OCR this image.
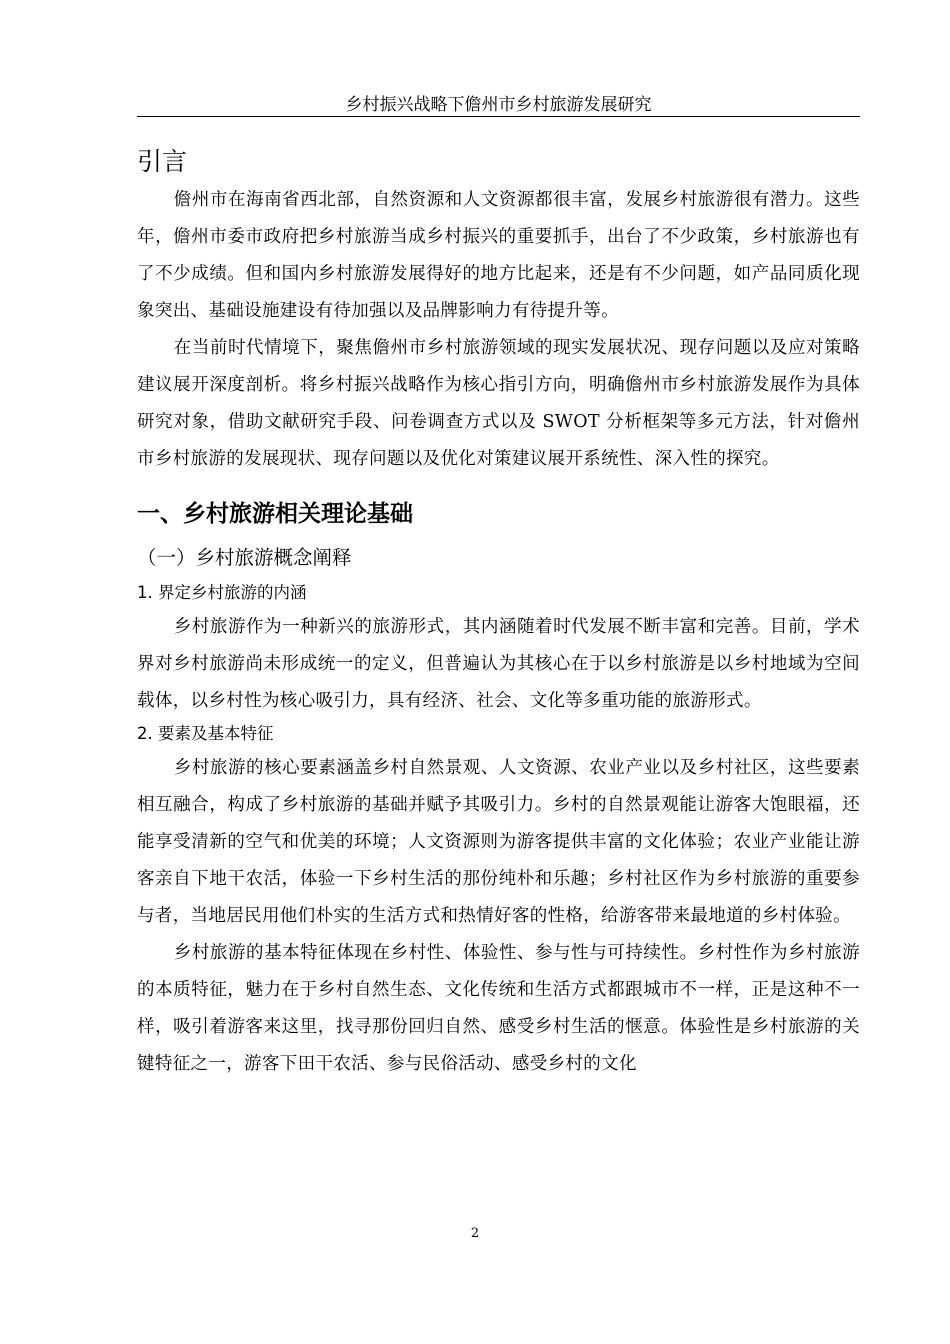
乡村振兴战略下儋州市乡村旅游发展研究
引言

儋州市在海南省西北部，自然资源和人文资源都很丰富，发展乡村旅游很有潜力。这些年，儋州市委市政府把乡村旅游当成乡村振兴的重要抓手，出台了不少政策，乡村旅游也有了不少成绩。但和国内乡村旅游发展得好的地方比起来，还是有不少问题，如产品同质化现象突出、基础设施建设有待加强以及品牌影响力有待提升等。

在当前时代情境下，聚焦儋州市乡村旅游领域的现实发展状况、现存问题以及应对策略建议展开深度剖析。将乡村振兴战略作为核心指引方向，明确儋州市乡村旅游发展作为具体研究对象，借助文献研究手段、问卷调查方式以及 SWOT 分析框架等多元方法，针对儋州市乡村旅游的发展现状、现存问题以及优化对策建议展开系统性、深入性的探究。

一、乡村旅游相关理论基础
（一）乡村旅游概念阐释
1. 界定乡村旅游的内涵

乡村旅游作为一种新兴的旅游形式，其内涵随着时代发展不断丰富和完善。目前，学术界对乡村旅游尚未形成统一的定义，但普遍认为其核心在于以乡村旅游是以乡村地域为空间载体，以乡村性为核心吸引力，具有经济、社会、文化等多重功能的旅游形式。

2. 要素及基本特征

乡村旅游的核心要素涵盖乡村自然景观、人文资源、农业产业以及乡村社区，这些要素相互融合，构成了乡村旅游的基础并赋予其吸引力。乡村的自然景观能让游客大饱眼福，还能享受清新的空气和优美的环境；人文资源则为游客提供丰富的文化体验；农业产业能让游客亲自下地干农活，体验一下乡村生活的那份纯朴和乐趣；乡村社区作为乡村旅游的重要参与者，当地居民用他们朴实的生活方式和热情好客的性格，给游客带来最地道的乡村体验。

乡村旅游的基本特征体现在乡村性、体验性、参与性与可持续性。乡村性作为乡村旅游的本质特征，魅力在于乡村自然生态、文化传统和生活方式都跟城市不一样，正是这种不一样，吸引着游客来这里，找寻那份回归自然、感受乡村生活的惬意。体验性是乡村旅游的关键特征之一，游客下田干农活、参与民俗活动、感受乡村的文化

2
